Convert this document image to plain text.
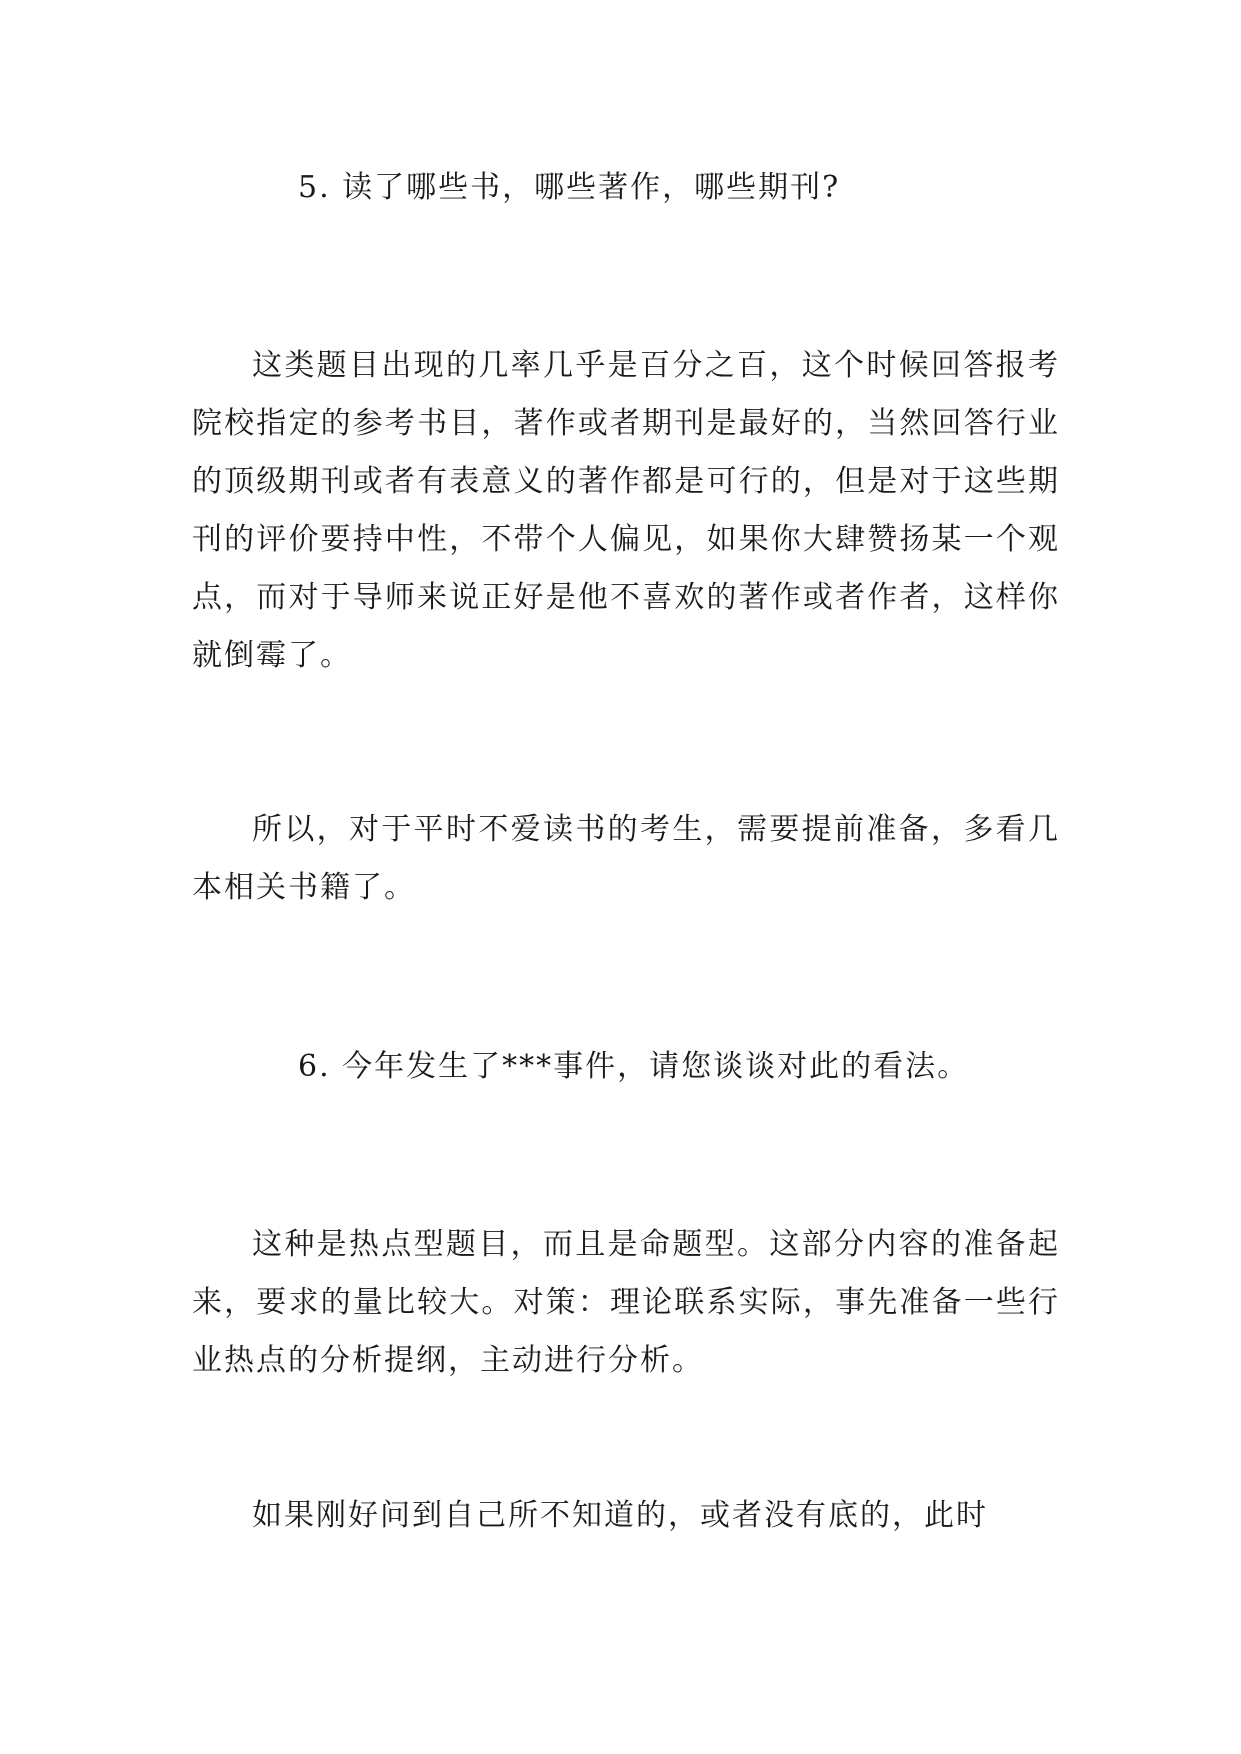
5. 读了哪些书，哪些著作，哪些期刊?

这类题目出现的几率几乎是百分之百，这个时候回答报考院校指定的参考书目，著作或者期刊是最好的，当然回答行业的顶级期刊或者有表意义的著作都是可行的，但是对于这些期刊的评价要持中性，不带个人偏见，如果你大肆赞扬某一个观点，而对于导师来说正好是他不喜欢的著作或者作者，这样你就倒霉了。

所以，对于平时不爱读书的考生，需要提前准备，多看几本相关书籍了。

6. 今年发生了***事件，请您谈谈对此的看法。

这种是热点型题目，而且是命题型。这部分内容的准备起来，要求的量比较大。对策：理论联系实际，事先准备一些行业热点的分析提纲，主动进行分析。

如果刚好问到自己所不知道的，或者没有底的，此时
